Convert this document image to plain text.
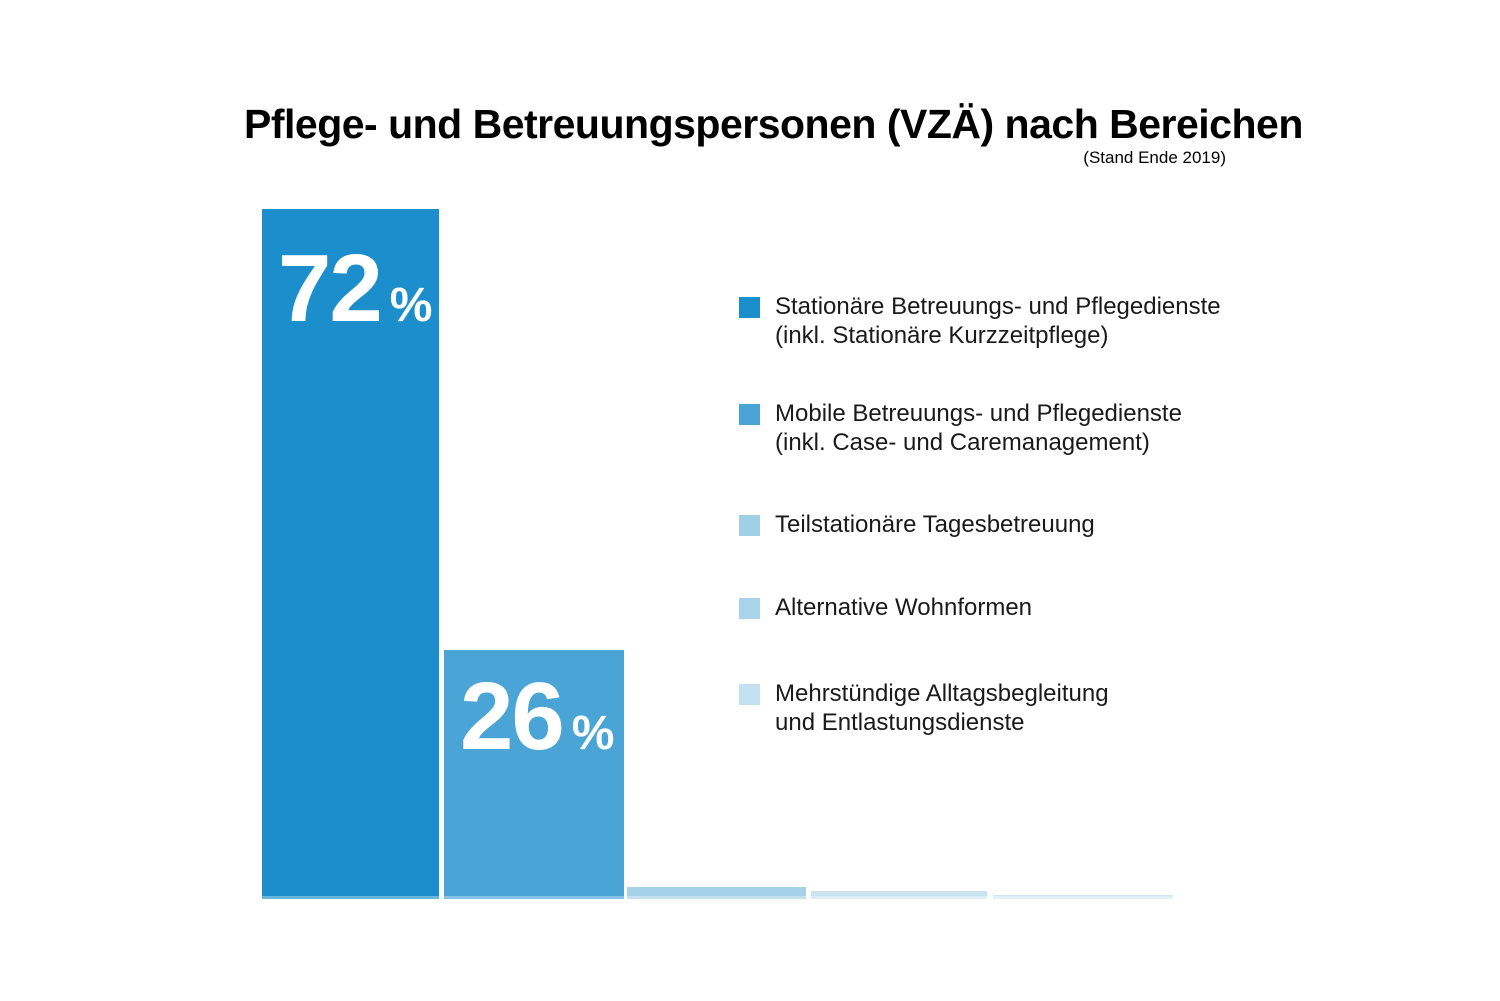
Pflege- und Betreuungspersonen (VZÄ) nach Bereichen
(Stand Ende 2019)
72 %
26 %
Stationäre Betreuungs- und Pflegedienste
(inkl. Stationäre Kurzzeitpflege)
Mobile Betreuungs- und Pflegedienste
(inkl. Case- und Caremanagement)
Teilstationäre Tagesbetreuung
Alternative Wohnformen
Mehrstündige Alltagsbegleitung
und Entlastungsdienste
